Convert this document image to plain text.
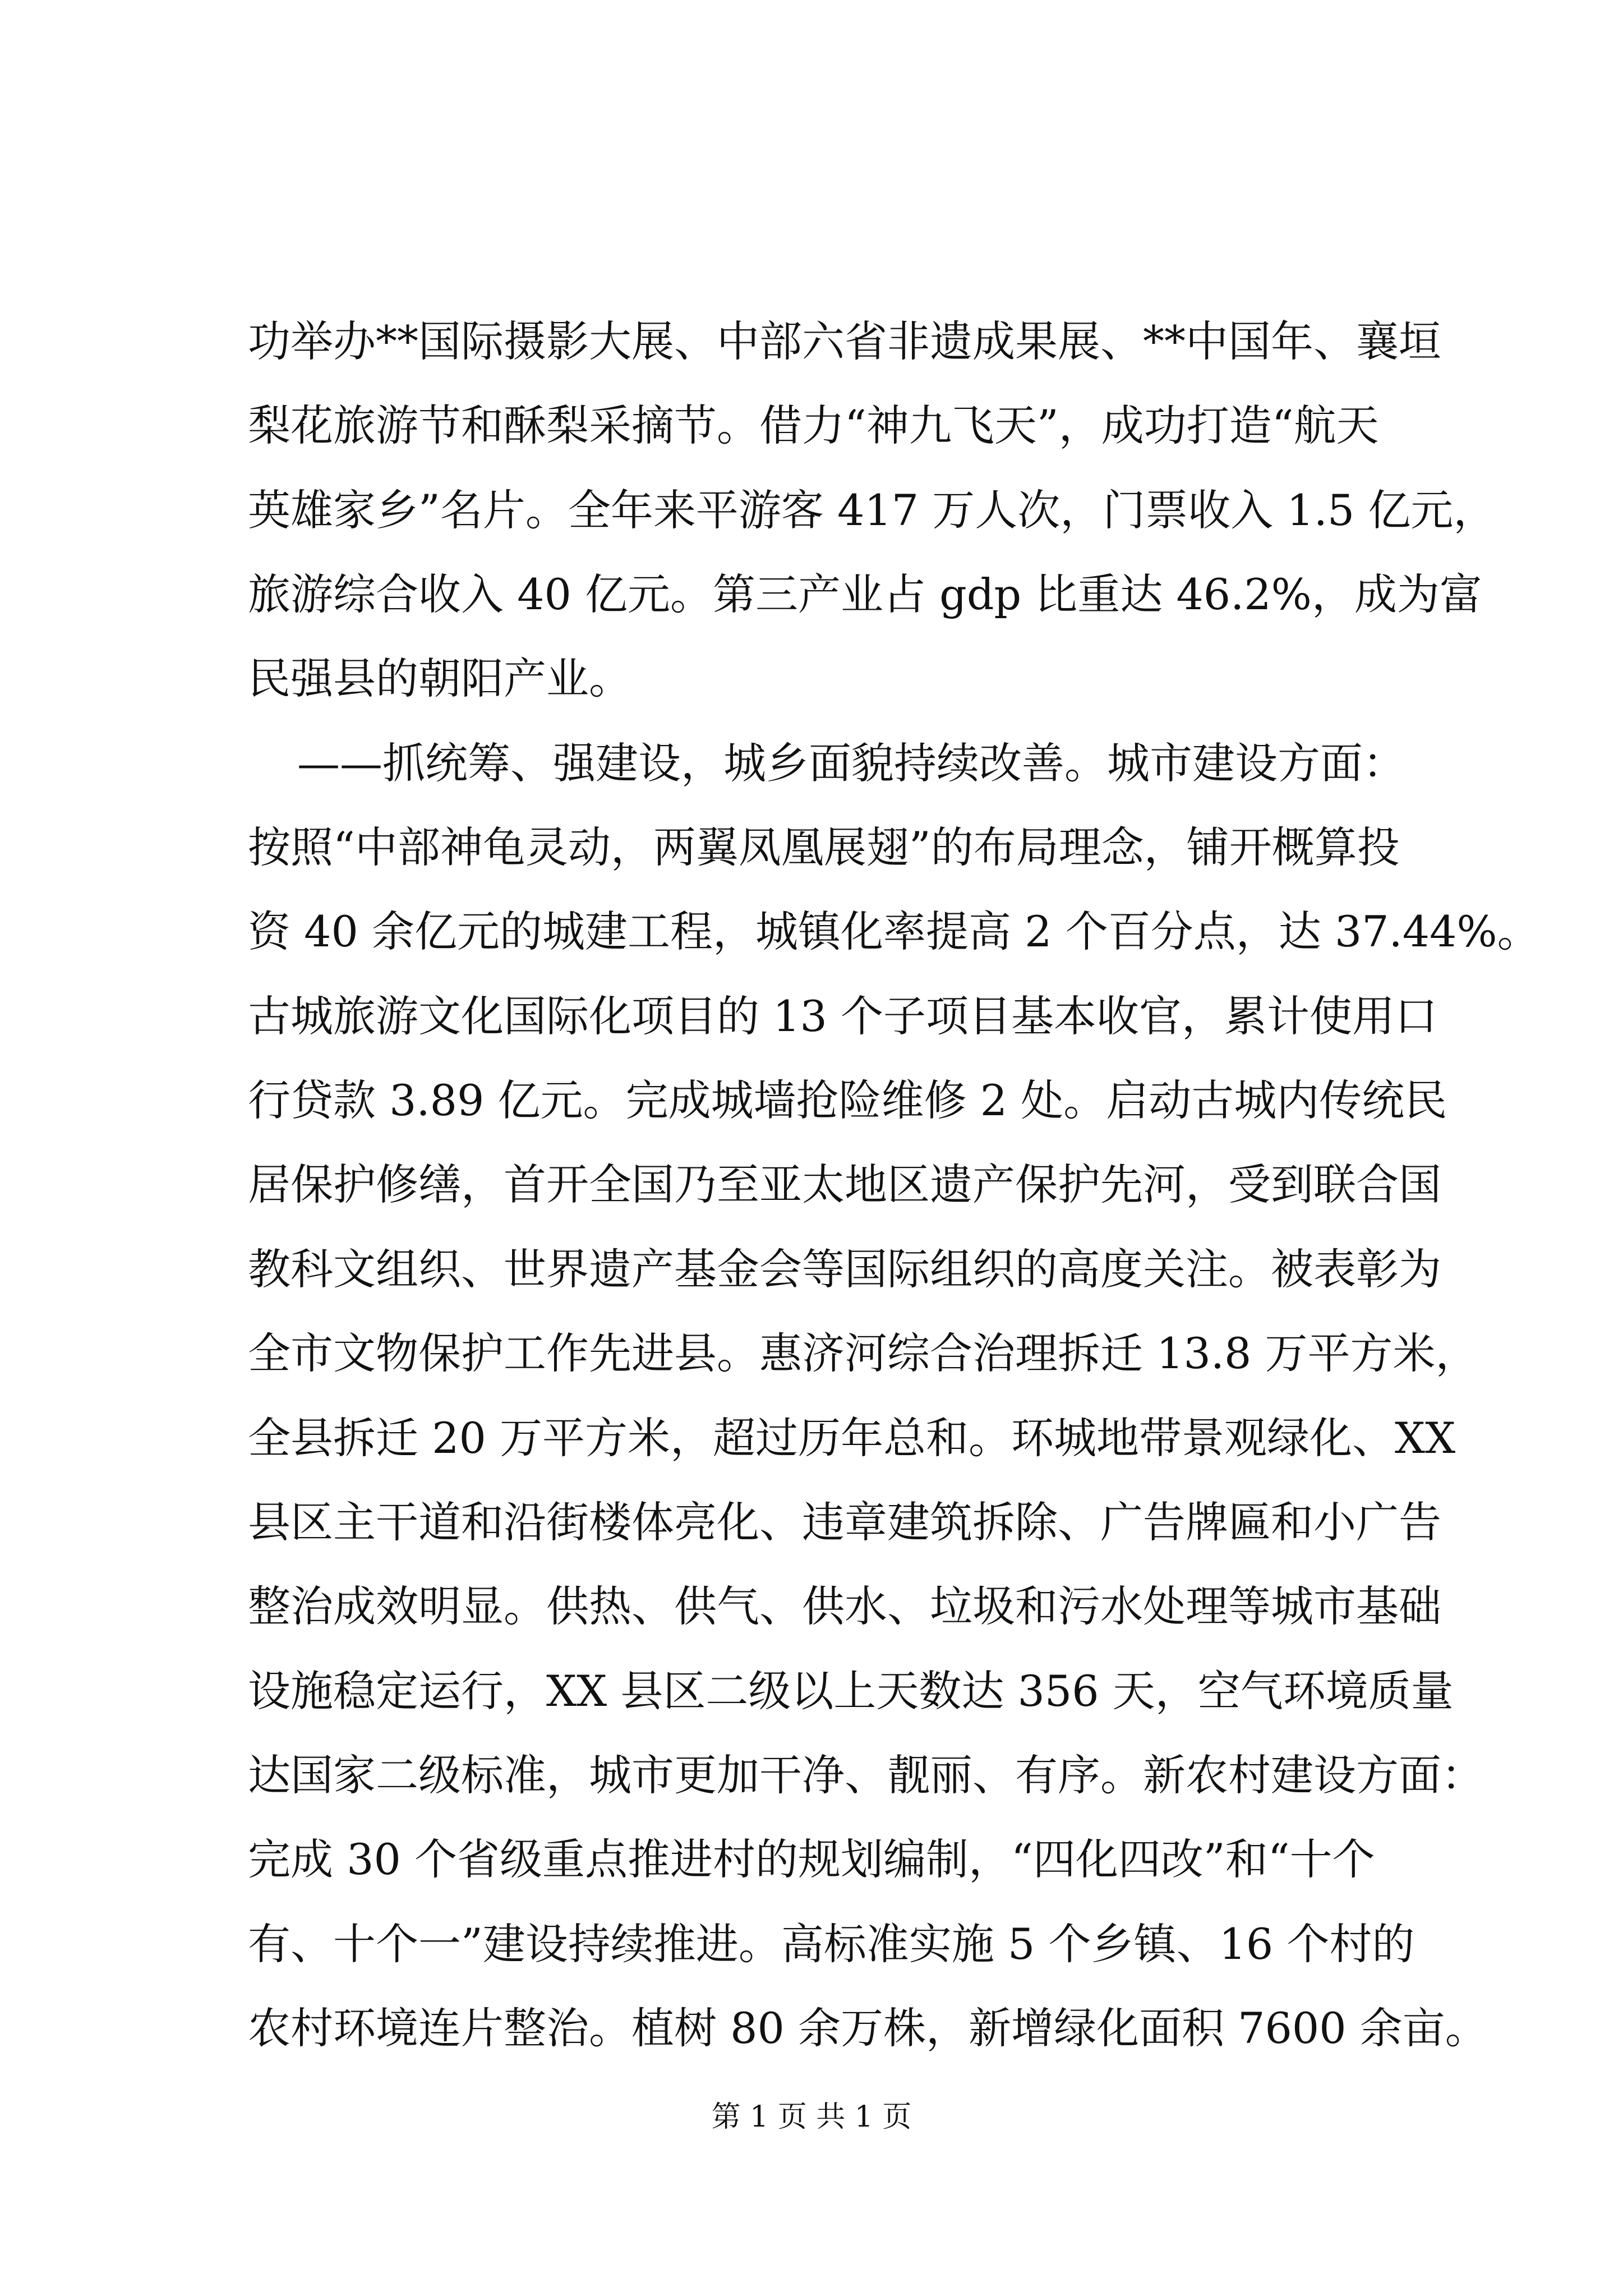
功举办**国际摄影大展、中部六省非遗成果展、**中国年、襄垣
梨花旅游节和酥梨采摘节。借力“神九飞天”，成功打造“航天
英雄家乡”名片。全年来平游客 417 万人次，门票收入 1.5 亿元，
旅游综合收入 40 亿元。第三产业占 gdp 比重达 46.2%，成为富
民强县的朝阳产业。
——抓统筹、强建设，城乡面貌持续改善。城市建设方面：
按照“中部神龟灵动，两翼凤凰展翅”的布局理念，铺开概算投
资 40 余亿元的城建工程，城镇化率提高 2 个百分点，达 37.44%。
古城旅游文化国际化项目的 13 个子项目基本收官，累计使用口
行贷款 3.89 亿元。完成城墙抢险维修 2 处。启动古城内传统民
居保护修缮，首开全国乃至亚太地区遗产保护先河，受到联合国
教科文组织、世界遗产基金会等国际组织的高度关注。被表彰为
全市文物保护工作先进县。惠济河综合治理拆迁 13.8 万平方米，
全县拆迁 20 万平方米，超过历年总和。环城地带景观绿化、XX
县区主干道和沿街楼体亮化、违章建筑拆除、广告牌匾和小广告
整治成效明显。供热、供气、供水、垃圾和污水处理等城市基础
设施稳定运行，XX 县区二级以上天数达 356 天，空气环境质量
达国家二级标准，城市更加干净、靓丽、有序。新农村建设方面：
完成 30 个省级重点推进村的规划编制，“四化四改”和“十个
有、十个一”建设持续推进。高标准实施 5 个乡镇、16 个村的
农村环境连片整治。植树 80 余万株，新增绿化面积 7600 余亩。
第 1 页 共 1 页
